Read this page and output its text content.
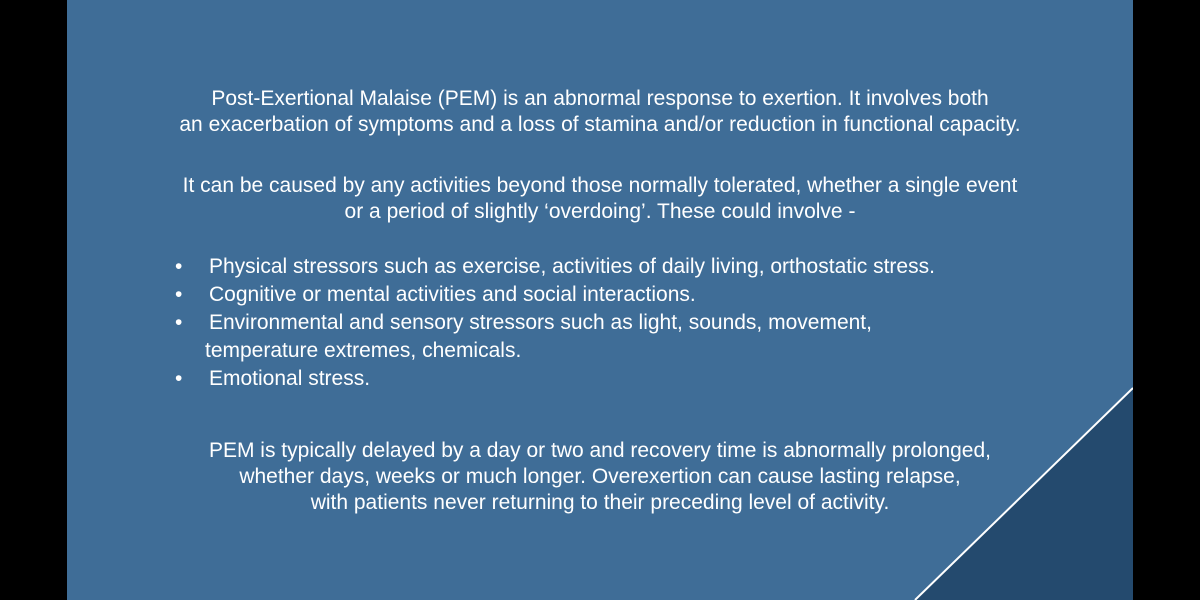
Post-Exertional Malaise (PEM) is an abnormal response to exertion. It involves both
an exacerbation of symptoms and a loss of stamina and/or reduction in functional capacity.
It can be caused by any activities beyond those normally tolerated, whether a single event
or a period of slightly ‘overdoing’. These could involve -
• Physical stressors such as exercise, activities of daily living, orthostatic stress.
• Cognitive or mental activities and social interactions.
• Environmental and sensory stressors such as light, sounds, movement,
temperature extremes, chemicals.
• Emotional stress.
PEM is typically delayed by a day or two and recovery time is abnormally prolonged,
whether days, weeks or much longer. Overexertion can cause lasting relapse,
with patients never returning to their preceding level of activity.
